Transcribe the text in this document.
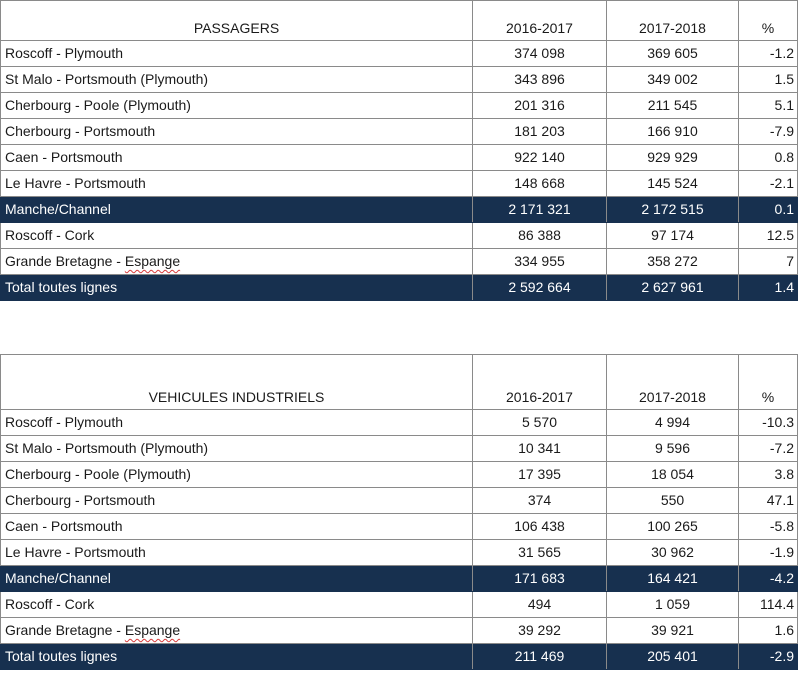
PASSAGERS	2016-2017	2017-2018	%
Roscoff - Plymouth	374 098	369 605	-1.2
St Malo - Portsmouth (Plymouth)	343 896	349 002	1.5
Cherbourg - Poole (Plymouth)	201 316	211 545	5.1
Cherbourg - Portsmouth	181 203	166 910	-7.9
Caen - Portsmouth	922 140	929 929	0.8
Le Havre - Portsmouth	148 668	145 524	-2.1
Manche/Channel	2 171 321	2 172 515	0.1
Roscoff - Cork	86 388	97 174	12.5
Grande Bretagne - Espange	334 955	358 272	7
Total toutes lignes	2 592 664	2 627 961	1.4
VEHICULES INDUSTRIELS	2016-2017	2017-2018	%
Roscoff - Plymouth	5 570	4 994	-10.3
St Malo - Portsmouth (Plymouth)	10 341	9 596	-7.2
Cherbourg - Poole (Plymouth)	17 395	18 054	3.8
Cherbourg - Portsmouth	374	550	47.1
Caen - Portsmouth	106 438	100 265	-5.8
Le Havre - Portsmouth	31 565	30 962	-1.9
Manche/Channel	171 683	164 421	-4.2
Roscoff - Cork	494	1 059	114.4
Grande Bretagne - Espange	39 292	39 921	1.6
Total toutes lignes	211 469	205 401	-2.9
